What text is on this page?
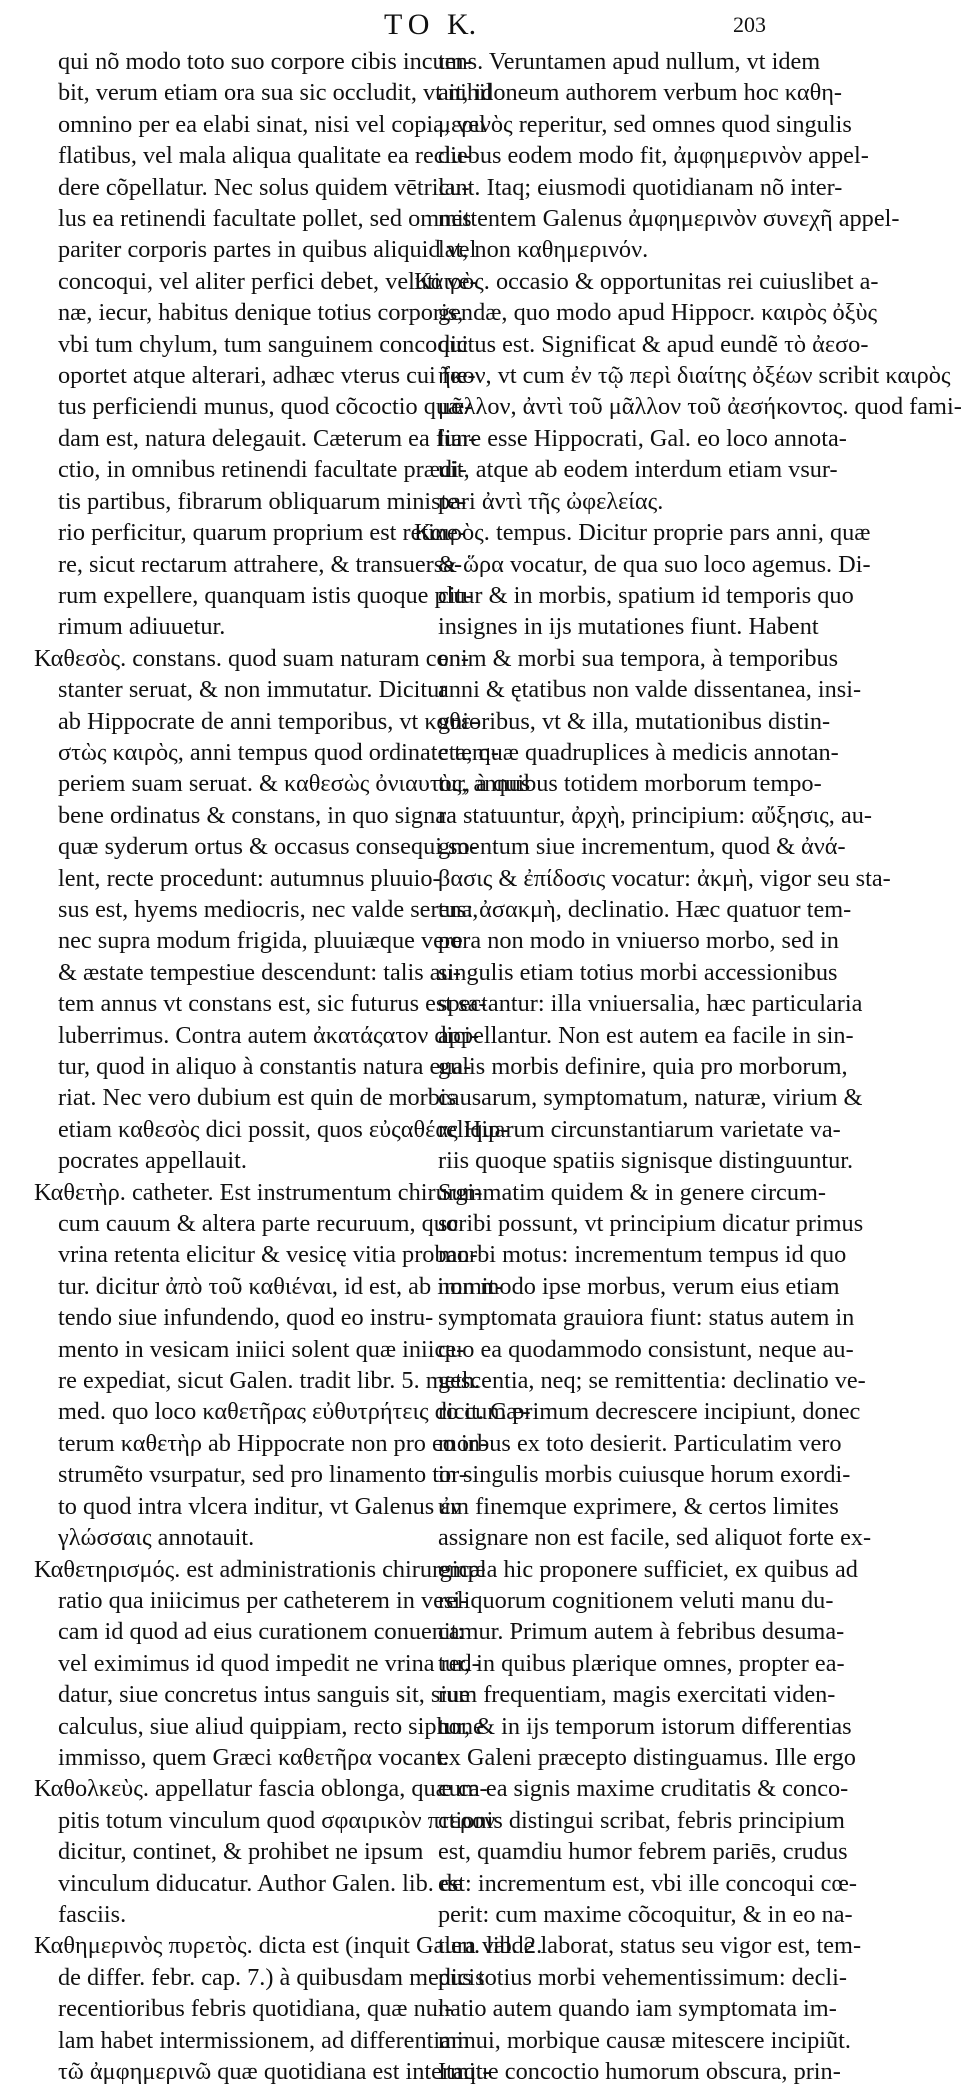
TO K.	203
qui nõ modo toto suo corpore cibis incum-
bit, verum etiam ora sua sic occludit, vt nihil
omnino per ea elabi sinat, nisi vel copia, vel
flatibus, vel mala aliqua qualitate ea reclu-
dere cõpellatur. Nec solus quidem vētricu-
lus ea retinendi facultate pollet, sed omnes
pariter corporis partes in quibus aliquid vel
concoqui, vel aliter perfici debet, veluti ve-
næ, iecur, habitus denique totius corporis,
vbi tum chylum, tum sanguinem concoqui
oportet atque alterari, adhæc vterus cui fœ-
tus perficiendi munus, quod cõcoctio quæ-
dam est, natura delegauit. Cæterum ea fun-
ctio, in omnibus retinendi facultate prædi-
tis partibus, fibrarum obliquarum ministe-
rio perficitur, quarum proprium est retine-
re, sicut rectarum attrahere, & transuersa-
rum expellere, quanquam istis quoque plu-
rimum adiuuetur.
Καθεσὸς. constans. quod suam naturam con-
stanter seruat, & non immutatur. Dicitur
ab Hippocrate de anni temporibus, vt καθε-
στὼς καιρὸς, anni tempus quod ordinate tem-
periem suam seruat. & καθεσὼς ὀνιαυτὸς, annus
bene ordinatus & constans, in quo signa
quæ syderum ortus & occasus consequi so-
lent, recte procedunt: autumnus pluuio-
sus est, hyems mediocris, nec valde serena,
nec supra modum frigida, pluuiæque vere
& æstate tempestiue descendunt: talis au-
tem annus vt constans est, sic futurus est sa-
luberrimus. Contra autem ἀκατάςατον dici-
tur, quod in aliquo à constantis natura eua-
riat. Nec vero dubium est quin de morbis
etiam καθεσὸς dici possit, quos εὐςαθέας Hip-
pocrates appellauit.
Καθετὴρ. catheter. Est instrumentum chirurgi-
cum cauum & altera parte recuruum, quo
vrina retenta elicitur & vesicę vitia proban-
tur. dicitur ἀπὸ τοῦ καθιέναι, id est, ab immit-
tendo siue infundendo, quod eo instru-
mento in vesicam iniici solent quæ iniice-
re expediat, sicut Galen. tradit libr. 5. meth.
med. quo loco καθετῆρας εὐθυτρήτεις dicit. Cæ-
terum καθετὴρ ab Hippocrate non pro eo in-
strumẽto vsurpatur, sed pro linamento tor-
to quod intra vlcera inditur, vt Galenus ἐν
γλώσσαις annotauit.
Καθετηρισμός. est administrationis chirurgicæ
ratio qua iniicimus per catheterem in vesi-
cam id quod ad eius curationem conuenit:
vel eximimus id quod impedit ne vrina red-
datur, siue concretus intus sanguis sit, siue
calculus, siue aliud quippiam, recto siphone
immisso, quem Græci καθετῆρα vocant.
Καθολκεὺς. appellatur fascia oblonga, quæ ca-
pitis totum vinculum quod σφαιρικὸν πτερον
dicitur, continet, & prohibet ne ipsum
vinculum diducatur. Author Galen. lib. de
fasciis.
Καθημερινὸς πυρετὸς. dicta est (inquit Galen. lib. 2.
de differ. febr. cap. 7.) à quibusdam medicis
recentioribus febris quotidiana, quæ nul-
lam habet intermissionem, ad differentiam
τῶ ἀμφημερινῶ quæ quotidiana est intermit-
tens. Veruntamen apud nullum, vt idem
ait, idoneum authorem verbum hoc καθη-
μερινὸς reperitur, sed omnes quod singulis
diebus eodem modo fit, ἀμφημερινὸν appel-
lant. Itaq; eiusmodi quotidianam nõ inter-
mittentem Galenus ἀμφημερινὸν συνεχῆ appel-
lat, non καθημερινόν.
Καιρὸς. occasio & opportunitas rei cuiuslibet a-
gendæ, quo modo apud Hippocr. καιρὸς ὀξὺς
dictus est. Significat & apud eundẽ τὸ ἀεσο-
ῆκον, vt cum ἐν τῷ περὶ διαίτης ὀξέων scribit καιρὸς
μᾶλλον, ἀντὶ τοῦ μᾶλλον τοῦ ἀεσήκοντος. quod fami-
liare esse Hippocrati, Gal. eo loco annota-
uit, atque ab eodem interdum etiam vsur-
pari ἀντὶ τῆς ὠφελείας.
Καιρὸς. tempus. Dicitur proprie pars anni, quæ
& ὥρα vocatur, de qua suo loco agemus. Di-
citur & in morbis, spatium id temporis quo
insignes in ijs mutationes fiunt. Habent
enim & morbi sua tempora, à temporibus
anni & ętatibus non valde dissentanea, insi-
gnioribus, vt & illa, mutationibus distin-
cta, quæ quadruplices à medicis annotan-
tur, à quibus totidem morborum tempo-
ra statuuntur, ἀρχὴ, principium: αὔξησις, au-
gmentum siue incrementum, quod & ἀνά-
βασις & ἐπίδοσις vocatur: ἀκμὴ, vigor seu sta-
tus: ἀσακμὴ, declinatio. Hæc quatuor tem-
pora non modo in vniuerso morbo, sed in
singulis etiam totius morbi accessionibus
spectantur: illa vniuersalia, hæc particularia
appellantur. Non est autem ea facile in sin-
gulis morbis definire, quia pro morborum,
causarum, symptomatum, naturæ, virium &
reliquarum circunstantiarum varietate va-
riis quoque spatiis signisque distinguuntur.
Summatim quidem & in genere circum-
scribi possunt, vt principium dicatur primus
morbi motus: incrementum tempus id quo
non modo ipse morbus, verum eius etiam
symptomata grauiora fiunt: status autem in
quo ea quodammodo consistunt, neque au-
gescentia, neq; se remittentia: declinatio ve-
ro cum primum decrescere incipiunt, donec
morbus ex toto desierit. Particulatim vero
in singulis morbis cuiusque horum exordi-
um finemque exprimere, & certos limites
assignare non est facile, sed aliquot forte ex-
empla hic proponere sufficiet, ex quibus ad
reliquorum cognitionem veluti manu du-
camur. Primum autem à febribus desuma-
tur, in quibus plærique omnes, propter ea-
rum frequentiam, magis exercitati viden-
tur, & in ijs temporum istorum differentias
ex Galeni præcepto distinguamus. Ille ergo
cum ea signis maxime cruditatis & conco-
ctionis distingui scribat, febris principium
est, quamdiu humor febrem pariēs, crudus
est: incrementum est, vbi ille concoqui cœ-
perit: cum maxime cõcoquitur, & in eo na-
tura valde laborat, status seu vigor est, tem-
pus totius morbi vehementissimum: decli-
natio autem quando iam symptomata im-
minui, morbique causæ mitescere incipiũt.
Itaque concoctio humorum obscura, prin-
